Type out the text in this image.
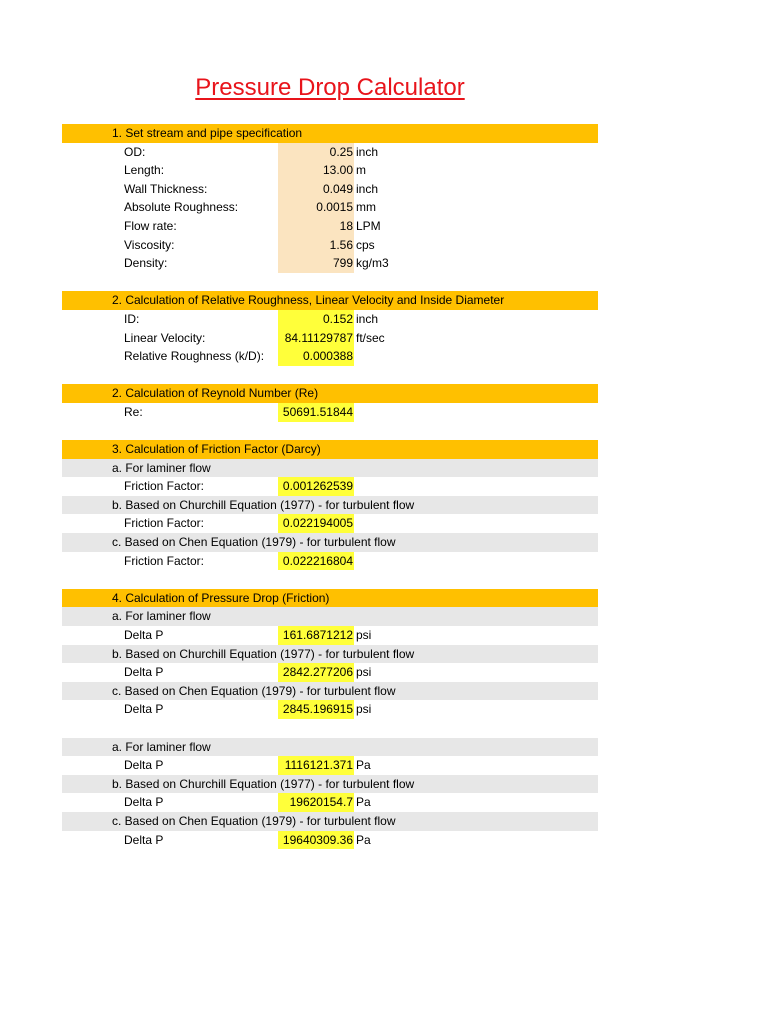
Pressure Drop Calculator
1. Set stream and pipe specification
OD:	0.25 inch
Length:	13.00 m
Wall Thickness:	0.049 inch
Absolute Roughness:	0.0015 mm
Flow rate:	18 LPM
Viscosity:	1.56 cps
Density:	799 kg/m3
2. Calculation of Relative Roughness, Linear Velocity and Inside Diameter
ID:	0.152 inch
Linear Velocity:	84.11129787 ft/sec
Relative Roughness (k/D):	0.000388
2. Calculation of Reynold Number (Re)
Re:	50691.51844
3. Calculation of Friction Factor (Darcy)
a. For laminer flow
Friction Factor:	0.001262539
b. Based on Churchill Equation (1977) - for turbulent flow
Friction Factor:	0.022194005
c. Based on Chen Equation (1979) - for turbulent flow
Friction Factor:	0.022216804
4. Calculation of Pressure Drop (Friction)
a. For laminer flow
Delta P	161.6871212 psi
b. Based on Churchill Equation (1977) - for turbulent flow
Delta P	2842.277206 psi
c. Based on Chen Equation (1979) - for turbulent flow
Delta P	2845.196915 psi
a. For laminer flow
Delta P	1116121.371 Pa
b. Based on Churchill Equation (1977) - for turbulent flow
Delta P	19620154.7 Pa
c. Based on Chen Equation (1979) - for turbulent flow
Delta P	19640309.36 Pa
